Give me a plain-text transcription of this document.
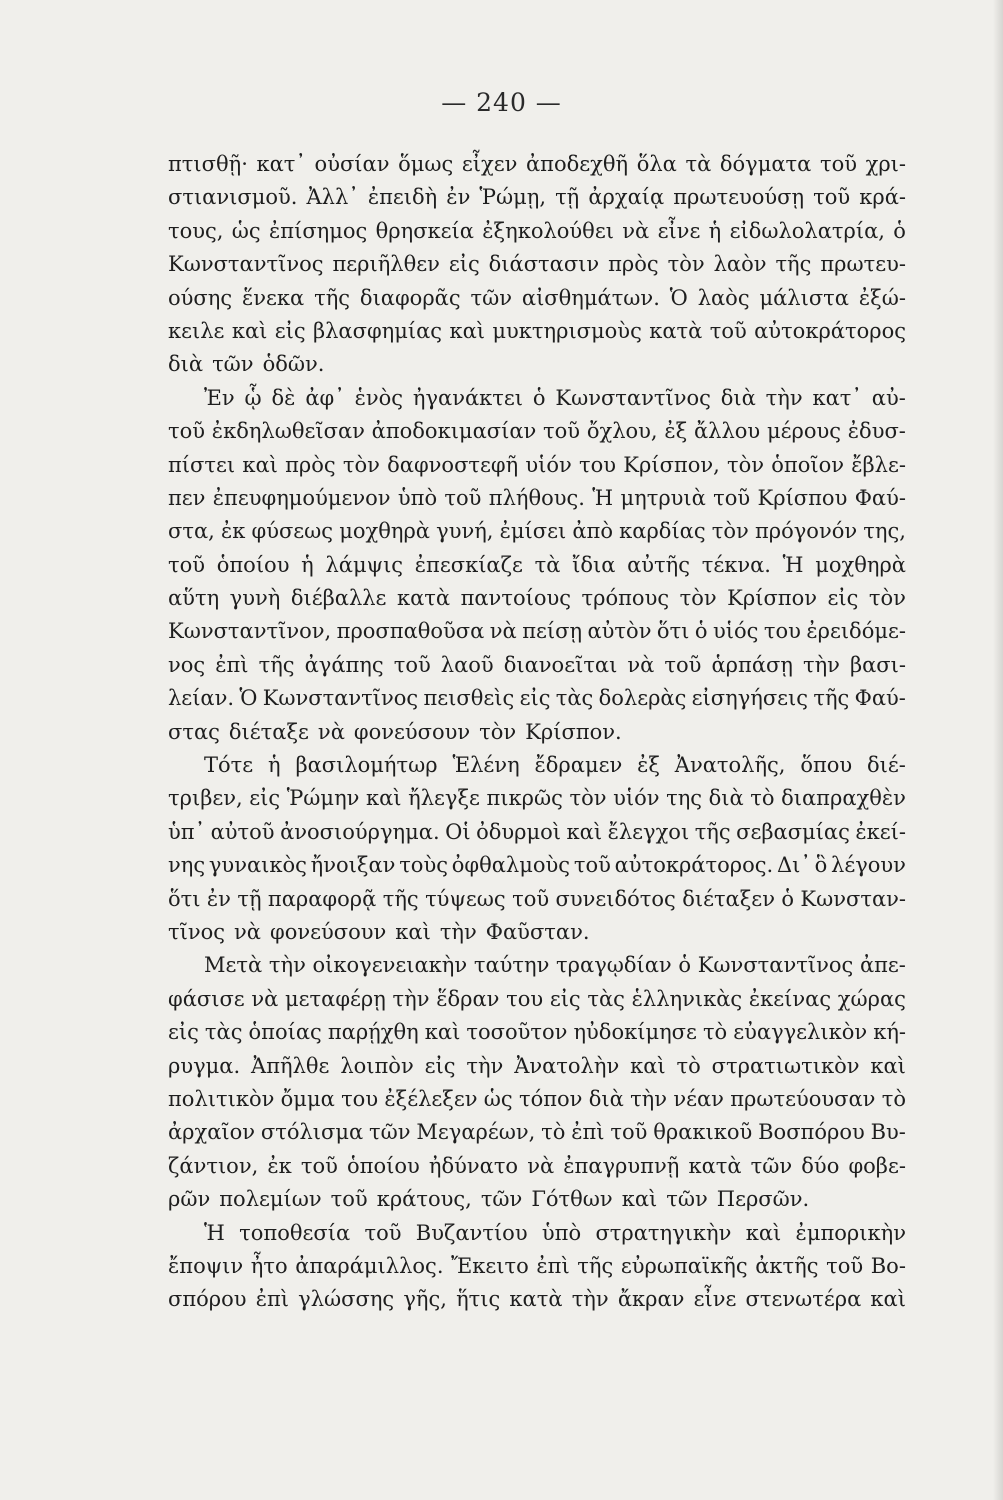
— 240 —
πτισθῇ· κατ᾽ οὐσίαν ὅμως εἶχεν ἀποδεχθῆ ὅλα τὰ δόγματα τοῦ χρι-
στιανισμοῦ. Ἀλλ᾽ ἐπειδὴ ἐν Ῥώμῃ, τῇ ἀρχαίᾳ πρωτευούσῃ τοῦ κρά-
τους, ὡς ἐπίσημος θρησκεία ἐξηκολούθει νὰ εἶνε ἡ εἰδωλολατρία, ὁ
Κωνσταντῖνος περιῆλθεν εἰς διάστασιν πρὸς τὸν λαὸν τῆς πρωτευ-
ούσης ἕνεκα τῆς διαφορᾶς τῶν αἰσθημάτων. Ὁ λαὸς μάλιστα ἐξώ-
κειλε καὶ εἰς βλασφημίας καὶ μυκτηρισμοὺς κατὰ τοῦ αὐτοκράτορος
διὰ τῶν ὁδῶν.
Ἐν ᾧ δὲ ἀφ᾽ ἑνὸς ἠγανάκτει ὁ Κωνσταντῖνος διὰ τὴν κατ᾽ αὐ-
τοῦ ἐκδηλωθεῖσαν ἀποδοκιμασίαν τοῦ ὄχλου, ἐξ ἄλλου μέρους ἐδυσ-
πίστει καὶ πρὸς τὸν δαφνοστεφῆ υἱόν του Κρίσπον, τὸν ὁποῖον ἔβλε-
πεν ἐπευφημούμενον ὑπὸ τοῦ πλήθους. Ἡ μητρυιὰ τοῦ Κρίσπου Φαύ-
στα, ἐκ φύσεως μοχθηρὰ γυνή, ἐμίσει ἀπὸ καρδίας τὸν πρόγονόν της,
τοῦ ὁποίου ἡ λάμψις ἐπεσκίαζε τὰ ἴδια αὐτῆς τέκνα. Ἡ μοχθηρὰ
αὕτη γυνὴ διέβαλλε κατὰ παντοίους τρόπους τὸν Κρίσπον εἰς τὸν
Κωνσταντῖνον, προσπαθοῦσα νὰ πείσῃ αὐτὸν ὅτι ὁ υἱός του ἐρειδόμε-
νος ἐπὶ τῆς ἀγάπης τοῦ λαοῦ διανοεῖται νὰ τοῦ ἁρπάσῃ τὴν βασι-
λείαν. Ὁ Κωνσταντῖνος πεισθεὶς εἰς τὰς δολερὰς εἰσηγήσεις τῆς Φαύ-
στας διέταξε νὰ φονεύσουν τὸν Κρίσπον.
Τότε ἡ βασιλομήτωρ Ἑλένη ἔδραμεν ἐξ Ἀνατολῆς, ὅπου διέ-
τριβεν, εἰς Ῥώμην καὶ ἤλεγξε πικρῶς τὸν υἱόν της διὰ τὸ διαπραχθὲν
ὑπ᾽ αὐτοῦ ἀνοσιούργημα. Οἱ ὀδυρμοὶ καὶ ἔλεγχοι τῆς σεβασμίας ἐκεί-
νης γυναικὸς ἤνοιξαν τοὺς ὀφθαλμοὺς τοῦ αὐτοκράτορος. Δι᾽ ὃ λέγουν
ὅτι ἐν τῇ παραφορᾷ τῆς τύψεως τοῦ συνειδότος διέταξεν ὁ Κωνσταν-
τῖνος νὰ φονεύσουν καὶ τὴν Φαῦσταν.
Μετὰ τὴν οἰκογενειακὴν ταύτην τραγῳδίαν ὁ Κωνσταντῖνος ἀπε-
φάσισε νὰ μεταφέρῃ τὴν ἕδραν του εἰς τὰς ἑλληνικὰς ἐκείνας χώρας
εἰς τὰς ὁποίας παρῄχθη καὶ τοσοῦτον ηὐδοκίμησε τὸ εὐαγγελικὸν κή-
ρυγμα. Ἀπῆλθε λοιπὸν εἰς τὴν Ἀνατολὴν καὶ τὸ στρατιωτικὸν καὶ
πολιτικὸν ὄμμα του ἐξέλεξεν ὡς τόπον διὰ τὴν νέαν πρωτεύουσαν τὸ
ἀρχαῖον στόλισμα τῶν Μεγαρέων, τὸ ἐπὶ τοῦ θρακικοῦ Βοσπόρου Βυ-
ζάντιον, ἐκ τοῦ ὁποίου ἠδύνατο νὰ ἐπαγρυπνῇ κατὰ τῶν δύο φοβε-
ρῶν πολεμίων τοῦ κράτους, τῶν Γότθων καὶ τῶν Περσῶν.
Ἡ τοποθεσία τοῦ Βυζαντίου ὑπὸ στρατηγικὴν καὶ ἐμπορικὴν
ἔποψιν ἦτο ἀπαράμιλλος. Ἔκειτο ἐπὶ τῆς εὐρωπαϊκῆς ἀκτῆς τοῦ Βο-
σπόρου ἐπὶ γλώσσης γῆς, ἥτις κατὰ τὴν ἄκραν εἶνε στενωτέρα καὶ
